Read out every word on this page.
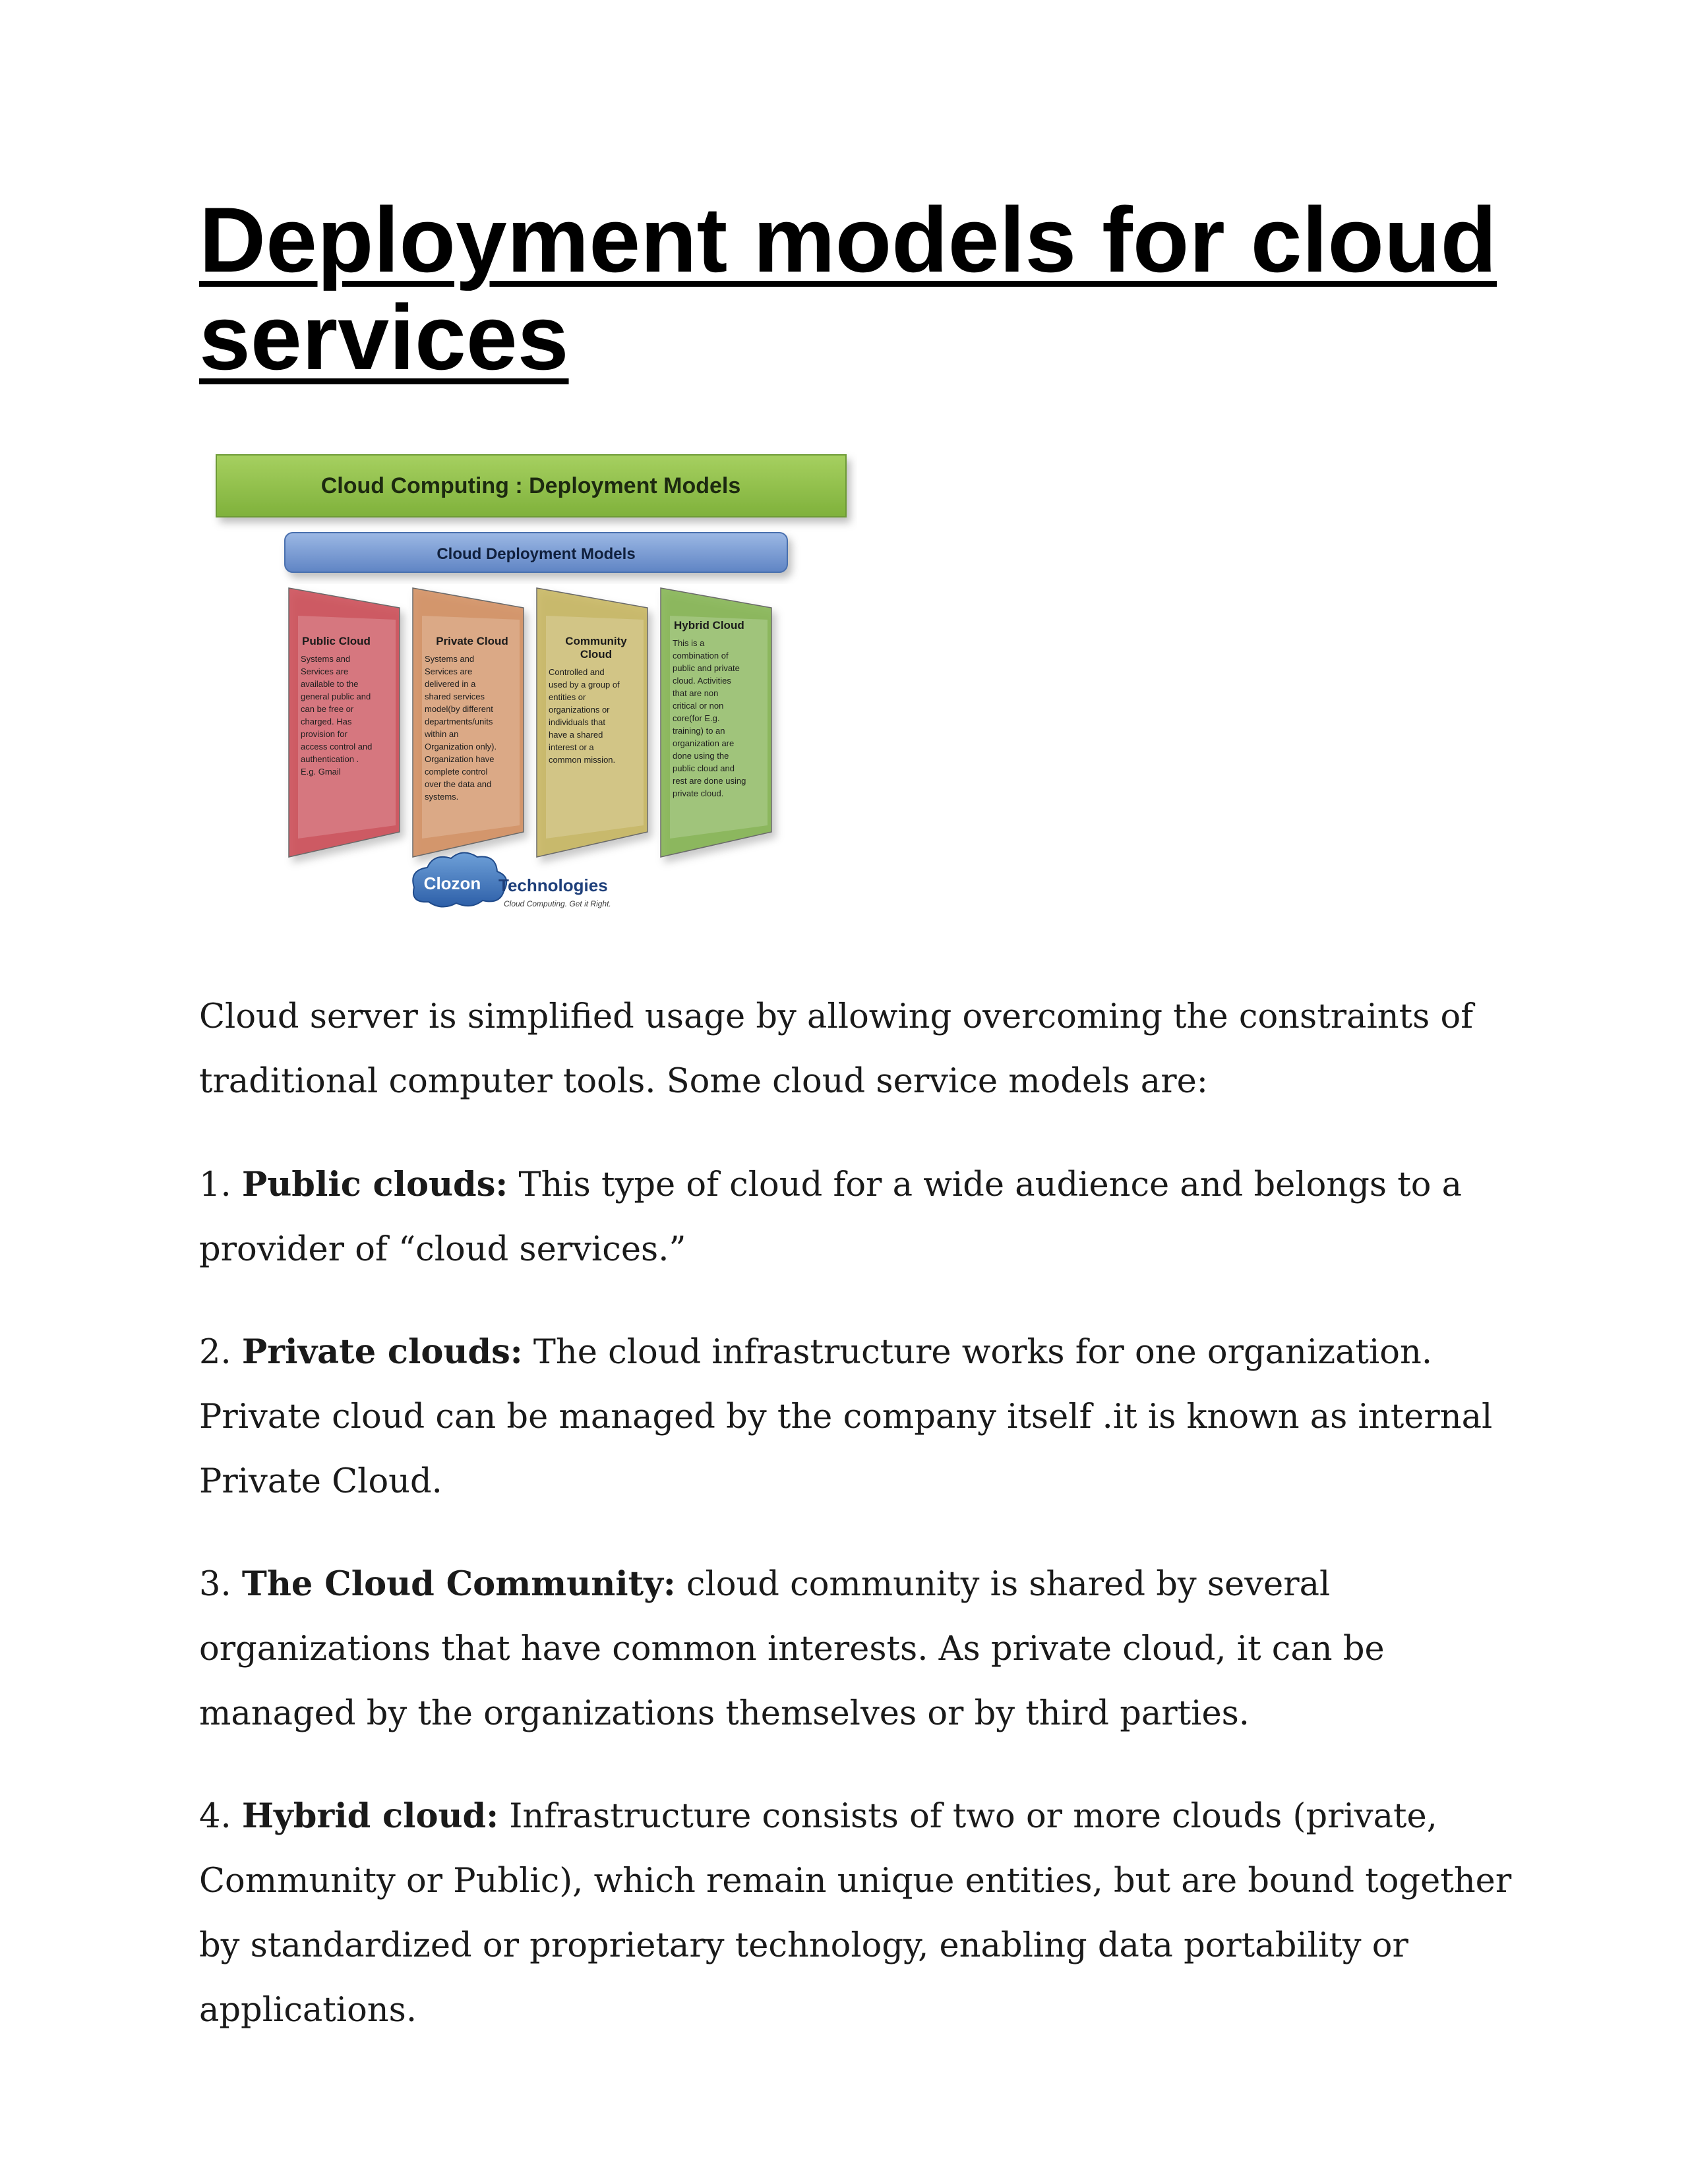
Deployment models for cloud services
Cloud Computing : Deployment Models
Cloud Deployment Models
Public Cloud
Systems and Services are available to the general public and can be free or charged. Has provision for access control and authentication . E.g. Gmail
Private Cloud
Systems and Services are delivered in a shared services model(by different departments/units within an Organization only). Organization have complete control over the data and systems.
Community Cloud
Controlled and used by a group of entities or organizations or individuals that have a shared interest or a common mission.
Hybrid Cloud
This is a combination of public and private cloud. Activities that are non critical or non core(for E.g. training) to an organization are done using the public cloud and rest are done using private cloud.
Clozon Technologies
Cloud Computing. Get it Right.

Cloud server is simplified usage by allowing overcoming the constraints of traditional computer tools. Some cloud service models are:

1. Public clouds: This type of cloud for a wide audience and belongs to a provider of “cloud services.”

2. Private clouds: The cloud infrastructure works for one organization. Private cloud can be managed by the company itself .it is known as internal Private Cloud.

3. The Cloud Community: cloud community is shared by several organizations that have common interests. As private cloud, it can be managed by the organizations themselves or by third parties.

4. Hybrid cloud: Infrastructure consists of two or more clouds (private, Community or Public), which remain unique entities, but are bound together by standardized or proprietary technology, enabling data portability or applications.
